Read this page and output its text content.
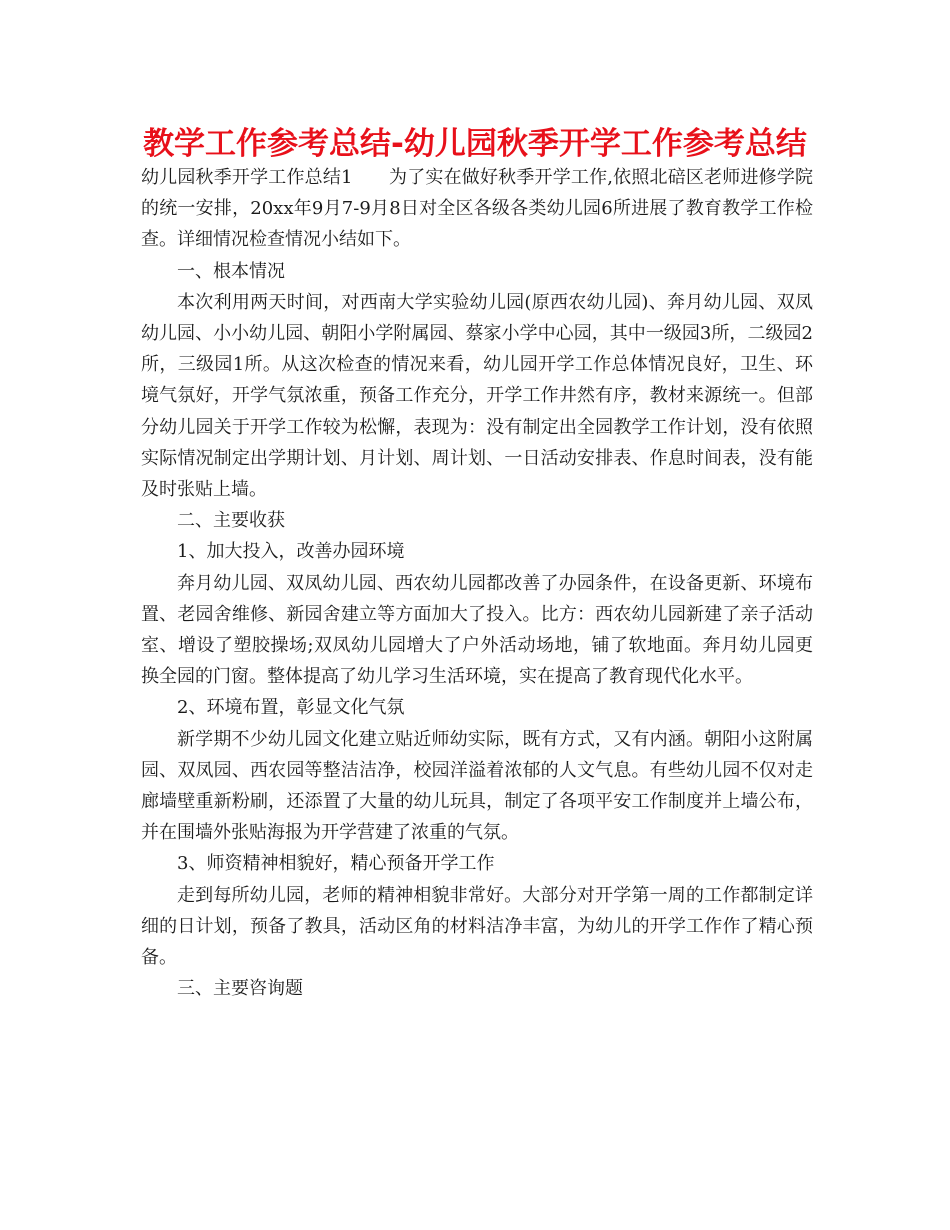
教学工作参考总结-幼儿园秋季开学工作参考总结

幼儿园秋季开学工作总结1　　为了实在做好秋季开学工作,依照北碚区老师进修学院的统一安排，20xx年9月7-9月8日对全区各级各类幼儿园6所进展了教育教学工作检查。详细情况检查情况小结如下。

一、根本情况

本次利用两天时间，对西南大学实验幼儿园(原西农幼儿园)、奔月幼儿园、双凤幼儿园、小小幼儿园、朝阳小学附属园、蔡家小学中心园，其中一级园3所，二级园2所，三级园1所。从这次检查的情况来看，幼儿园开学工作总体情况良好，卫生、环境气氛好，开学气氛浓重，预备工作充分，开学工作井然有序，教材来源统一。但部分幼儿园关于开学工作较为松懈，表现为：没有制定出全园教学工作计划，没有依照实际情况制定出学期计划、月计划、周计划、一日活动安排表、作息时间表，没有能及时张贴上墙。

二、主要收获

1、加大投入，改善办园环境

奔月幼儿园、双凤幼儿园、西农幼儿园都改善了办园条件，在设备更新、环境布置、老园舍维修、新园舍建立等方面加大了投入。比方：西农幼儿园新建了亲子活动室、增设了塑胶操场;双凤幼儿园增大了户外活动场地，铺了软地面。奔月幼儿园更换全园的门窗。整体提高了幼儿学习生活环境，实在提高了教育现代化水平。

2、环境布置，彰显文化气氛

新学期不少幼儿园文化建立贴近师幼实际，既有方式，又有内涵。朝阳小这附属园、双凤园、西农园等整洁洁净，校园洋溢着浓郁的人文气息。有些幼儿园不仅对走廊墙壁重新粉刷，还添置了大量的幼儿玩具，制定了各项平安工作制度并上墙公布，并在围墙外张贴海报为开学营建了浓重的气氛。

3、师资精神相貌好，精心预备开学工作

走到每所幼儿园，老师的精神相貌非常好。大部分对开学第一周的工作都制定详细的日计划，预备了教具，活动区角的材料洁净丰富，为幼儿的开学工作作了精心预备。

三、主要咨询题
